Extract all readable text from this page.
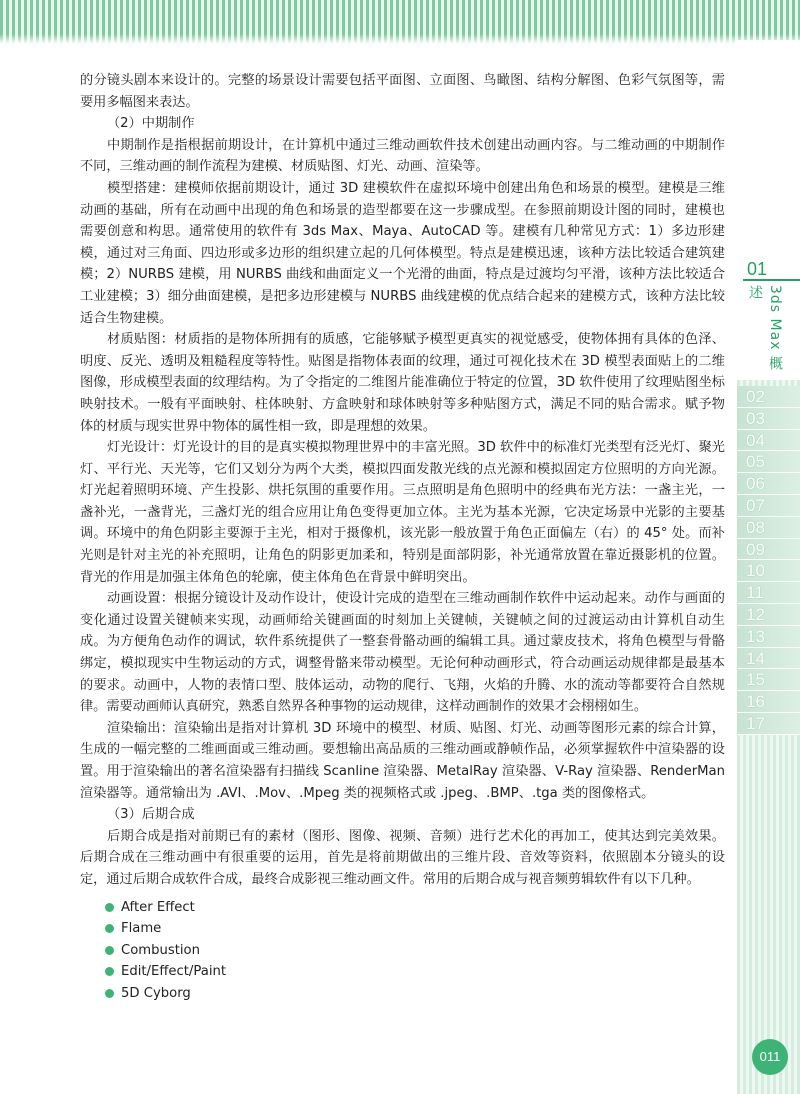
01
3ds Max 概述
02
03
04
05
06
07
08
09
10
11
12
13
14
15
16
17

的分镜头剧本来设计的。完整的场景设计需要包括平面图、立面图、鸟瞰图、结构分解图、色彩气氛图等，需要用多幅图来表达。

（2）中期制作

中期制作是指根据前期设计，在计算机中通过三维动画软件技术创建出动画内容。与二维动画的中期制作不同，三维动画的制作流程为建模、材质贴图、灯光、动画、渲染等。

模型搭建：建模师依据前期设计，通过 3D 建模软件在虚拟环境中创建出角色和场景的模型。建模是三维动画的基础，所有在动画中出现的角色和场景的造型都要在这一步骤成型。在参照前期设计图的同时，建模也需要创意和构思。通常使用的软件有 3ds Max、Maya、AutoCAD 等。建模有几种常见方式：1）多边形建模，通过对三角面、四边形或多边形的组织建立起的几何体模型。特点是建模迅速，该种方法比较适合建筑建模；2）NURBS 建模，用 NURBS 曲线和曲面定义一个光滑的曲面，特点是过渡均匀平滑，该种方法比较适合工业建模；3）细分曲面建模，是把多边形建模与 NURBS 曲线建模的优点结合起来的建模方式，该种方法比较适合生物建模。

材质贴图：材质指的是物体所拥有的质感，它能够赋予模型更真实的视觉感受，使物体拥有具体的色泽、明度、反光、透明及粗糙程度等特性。贴图是指物体表面的纹理，通过可视化技术在 3D 模型表面贴上的二维图像，形成模型表面的纹理结构。为了令指定的二维图片能准确位于特定的位置，3D 软件使用了纹理贴图坐标映射技术。一般有平面映射、柱体映射、方盒映射和球体映射等多种贴图方式，满足不同的贴合需求。赋予物体的材质与现实世界中物体的属性相一致，即是理想的效果。

灯光设计：灯光设计的目的是真实模拟物理世界中的丰富光照。3D 软件中的标准灯光类型有泛光灯、聚光灯、平行光、天光等，它们又划分为两个大类，模拟四面发散光线的点光源和模拟固定方位照明的方向光源。灯光起着照明环境、产生投影、烘托氛围的重要作用。三点照明是角色照明中的经典布光方法：一盏主光，一盏补光，一盏背光，三盏灯光的组合应用让角色变得更加立体。主光为基本光源，它决定场景中光影的主要基调。环境中的角色阴影主要源于主光，相对于摄像机，该光影一般放置于角色正面偏左（右）的 45° 处。而补光则是针对主光的补充照明，让角色的阴影更加柔和，特别是面部阴影，补光通常放置在靠近摄影机的位置。背光的作用是加强主体角色的轮廓，使主体角色在背景中鲜明突出。

动画设置：根据分镜设计及动作设计，使设计完成的造型在三维动画制作软件中运动起来。动作与画面的变化通过设置关键帧来实现，动画师给关键画面的时刻加上关键帧，关键帧之间的过渡运动由计算机自动生成。为方便角色动作的调试，软件系统提供了一整套骨骼动画的编辑工具。通过蒙皮技术，将角色模型与骨骼绑定，模拟现实中生物运动的方式，调整骨骼来带动模型。无论何种动画形式，符合动画运动规律都是最基本的要求。动画中，人物的表情口型、肢体运动，动物的爬行、飞翔，火焰的升腾、水的流动等都要符合自然规律。需要动画师认真研究，熟悉自然界各种事物的运动规律，这样动画制作的效果才会栩栩如生。

渲染输出：渲染输出是指对计算机 3D 环境中的模型、材质、贴图、灯光、动画等图形元素的综合计算，生成的一幅完整的二维画面或三维动画。要想输出高品质的三维动画或静帧作品，必须掌握软件中渲染器的设置。用于渲染输出的著名渲染器有扫描线 Scanline 渲染器、MetalRay 渲染器、V-Ray 渲染器、RenderMan 渲染器等。通常输出为 .AVI、.Mov、.Mpeg 类的视频格式或 .jpeg、.BMP、.tga 类的图像格式。

（3）后期合成

后期合成是指对前期已有的素材（图形、图像、视频、音频）进行艺术化的再加工，使其达到完美效果。后期合成在三维动画中有很重要的运用，首先是将前期做出的三维片段、音效等资料，依照剧本分镜头的设定，通过后期合成软件合成，最终合成影视三维动画文件。常用的后期合成与视音频剪辑软件有以下几种。

After Effect
Flame
Combustion
Edit/Effect/Paint
5D Cyborg
011
